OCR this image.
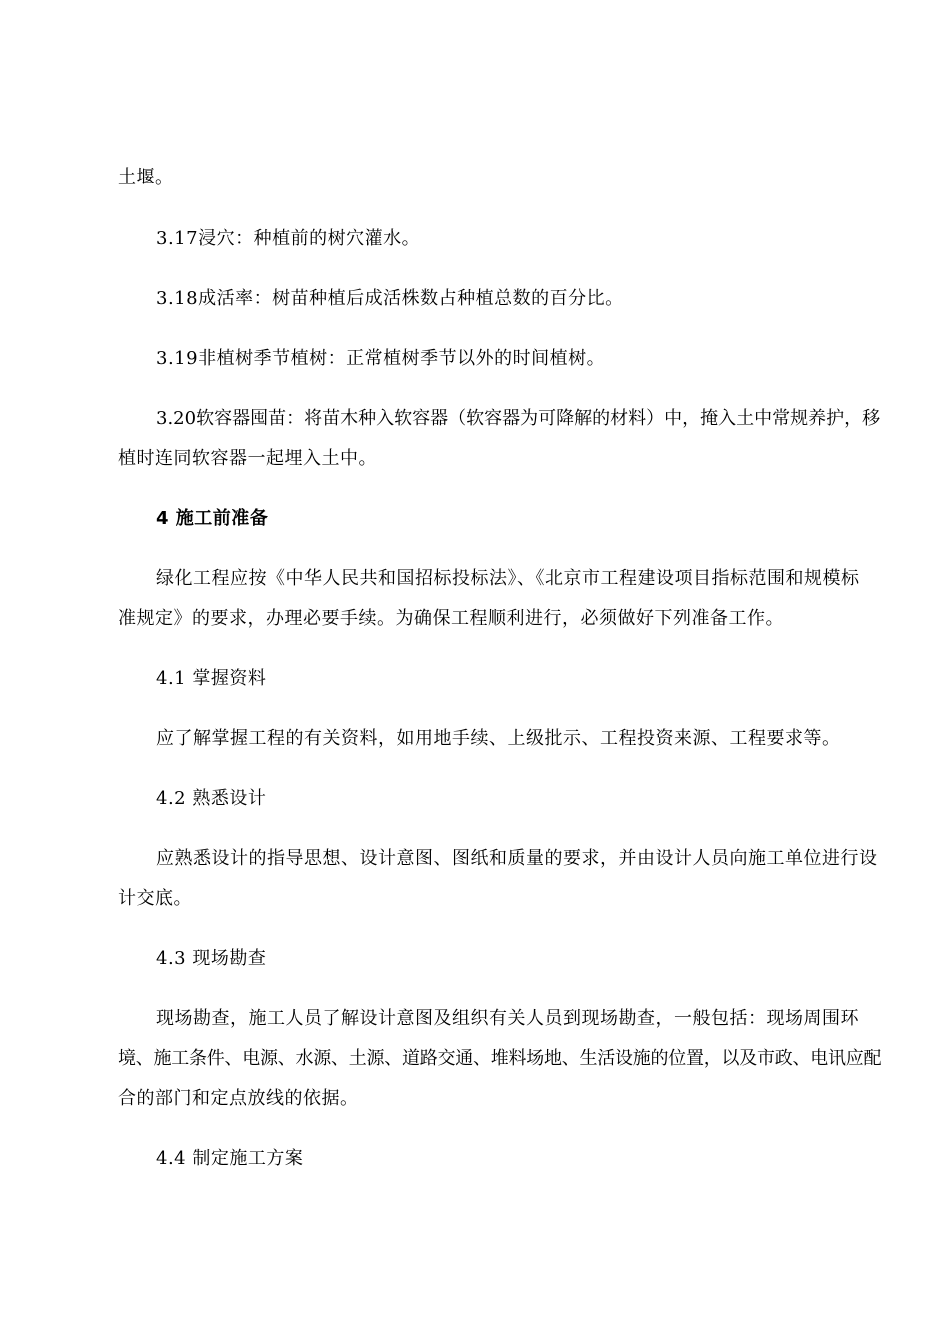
土堰。
3.17浸穴：种植前的树穴灌水。
3.18成活率：树苗种植后成活株数占种植总数的百分比。
3.19非植树季节植树：正常植树季节以外的时间植树。
3.20软容器囤苗：将苗木种入软容器（软容器为可降解的材料）中，掩入土中常规养护，移
植时连同软容器一起埋入土中。
4 施工前准备
绿化工程应按《中华人民共和国招标投标法》、《北京市工程建设项目指标范围和规模标
准规定》的要求，办理必要手续。为确保工程顺利进行，必须做好下列准备工作。
4.1 掌握资料
应了解掌握工程的有关资料，如用地手续、上级批示、工程投资来源、工程要求等。
4.2 熟悉设计
应熟悉设计的指导思想、设计意图、图纸和质量的要求，并由设计人员向施工单位进行设
计交底。
4.3 现场勘查
现场勘查，施工人员了解设计意图及组织有关人员到现场勘查，一般包括：现场周围环
境、施工条件、电源、水源、土源、道路交通、堆料场地、生活设施的位置，以及市政、电讯应配
合的部门和定点放线的依据。
4.4 制定施工方案
